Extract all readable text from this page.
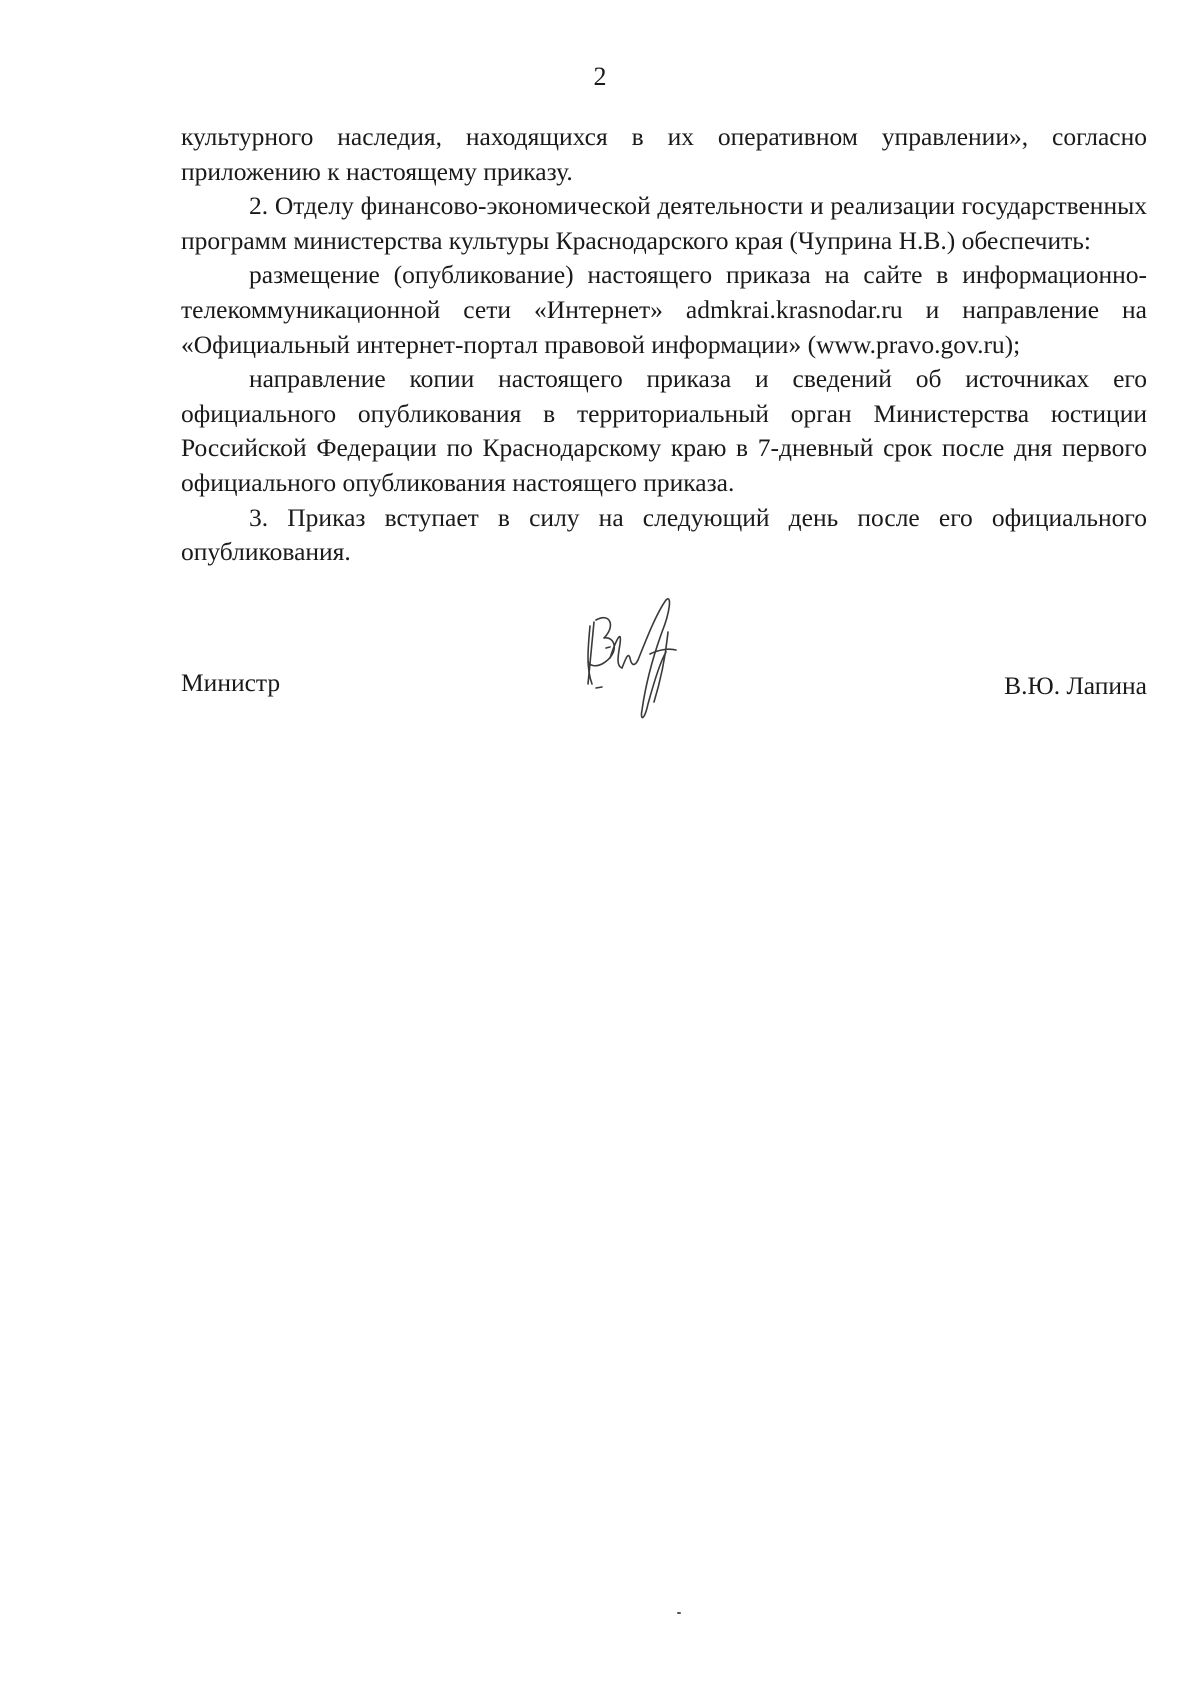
2

культурного наследия, находящихся в их оперативном управлении», согласно приложению к настоящему приказу.

2. Отделу финансово-экономической деятельности и реализации государственных программ министерства культуры Краснодарского края (Чуприна Н.В.) обеспечить:

размещение (опубликование) настоящего приказа на сайте в информационно-телекоммуникационной сети «Интернет» admkrai.krasnodar.ru и направление на «Официальный интернет-портал правовой информации» (www.pravo.gov.ru);

направление копии настоящего приказа и сведений об источниках его официального опубликования в территориальный орган Министерства юстиции Российской Федерации по Краснодарскому краю в 7-дневный срок после дня первого официального опубликования настоящего приказа.

3. Приказ вступает в силу на следующий день после его официального опубликования.

Министр	В.Ю. Лапина
